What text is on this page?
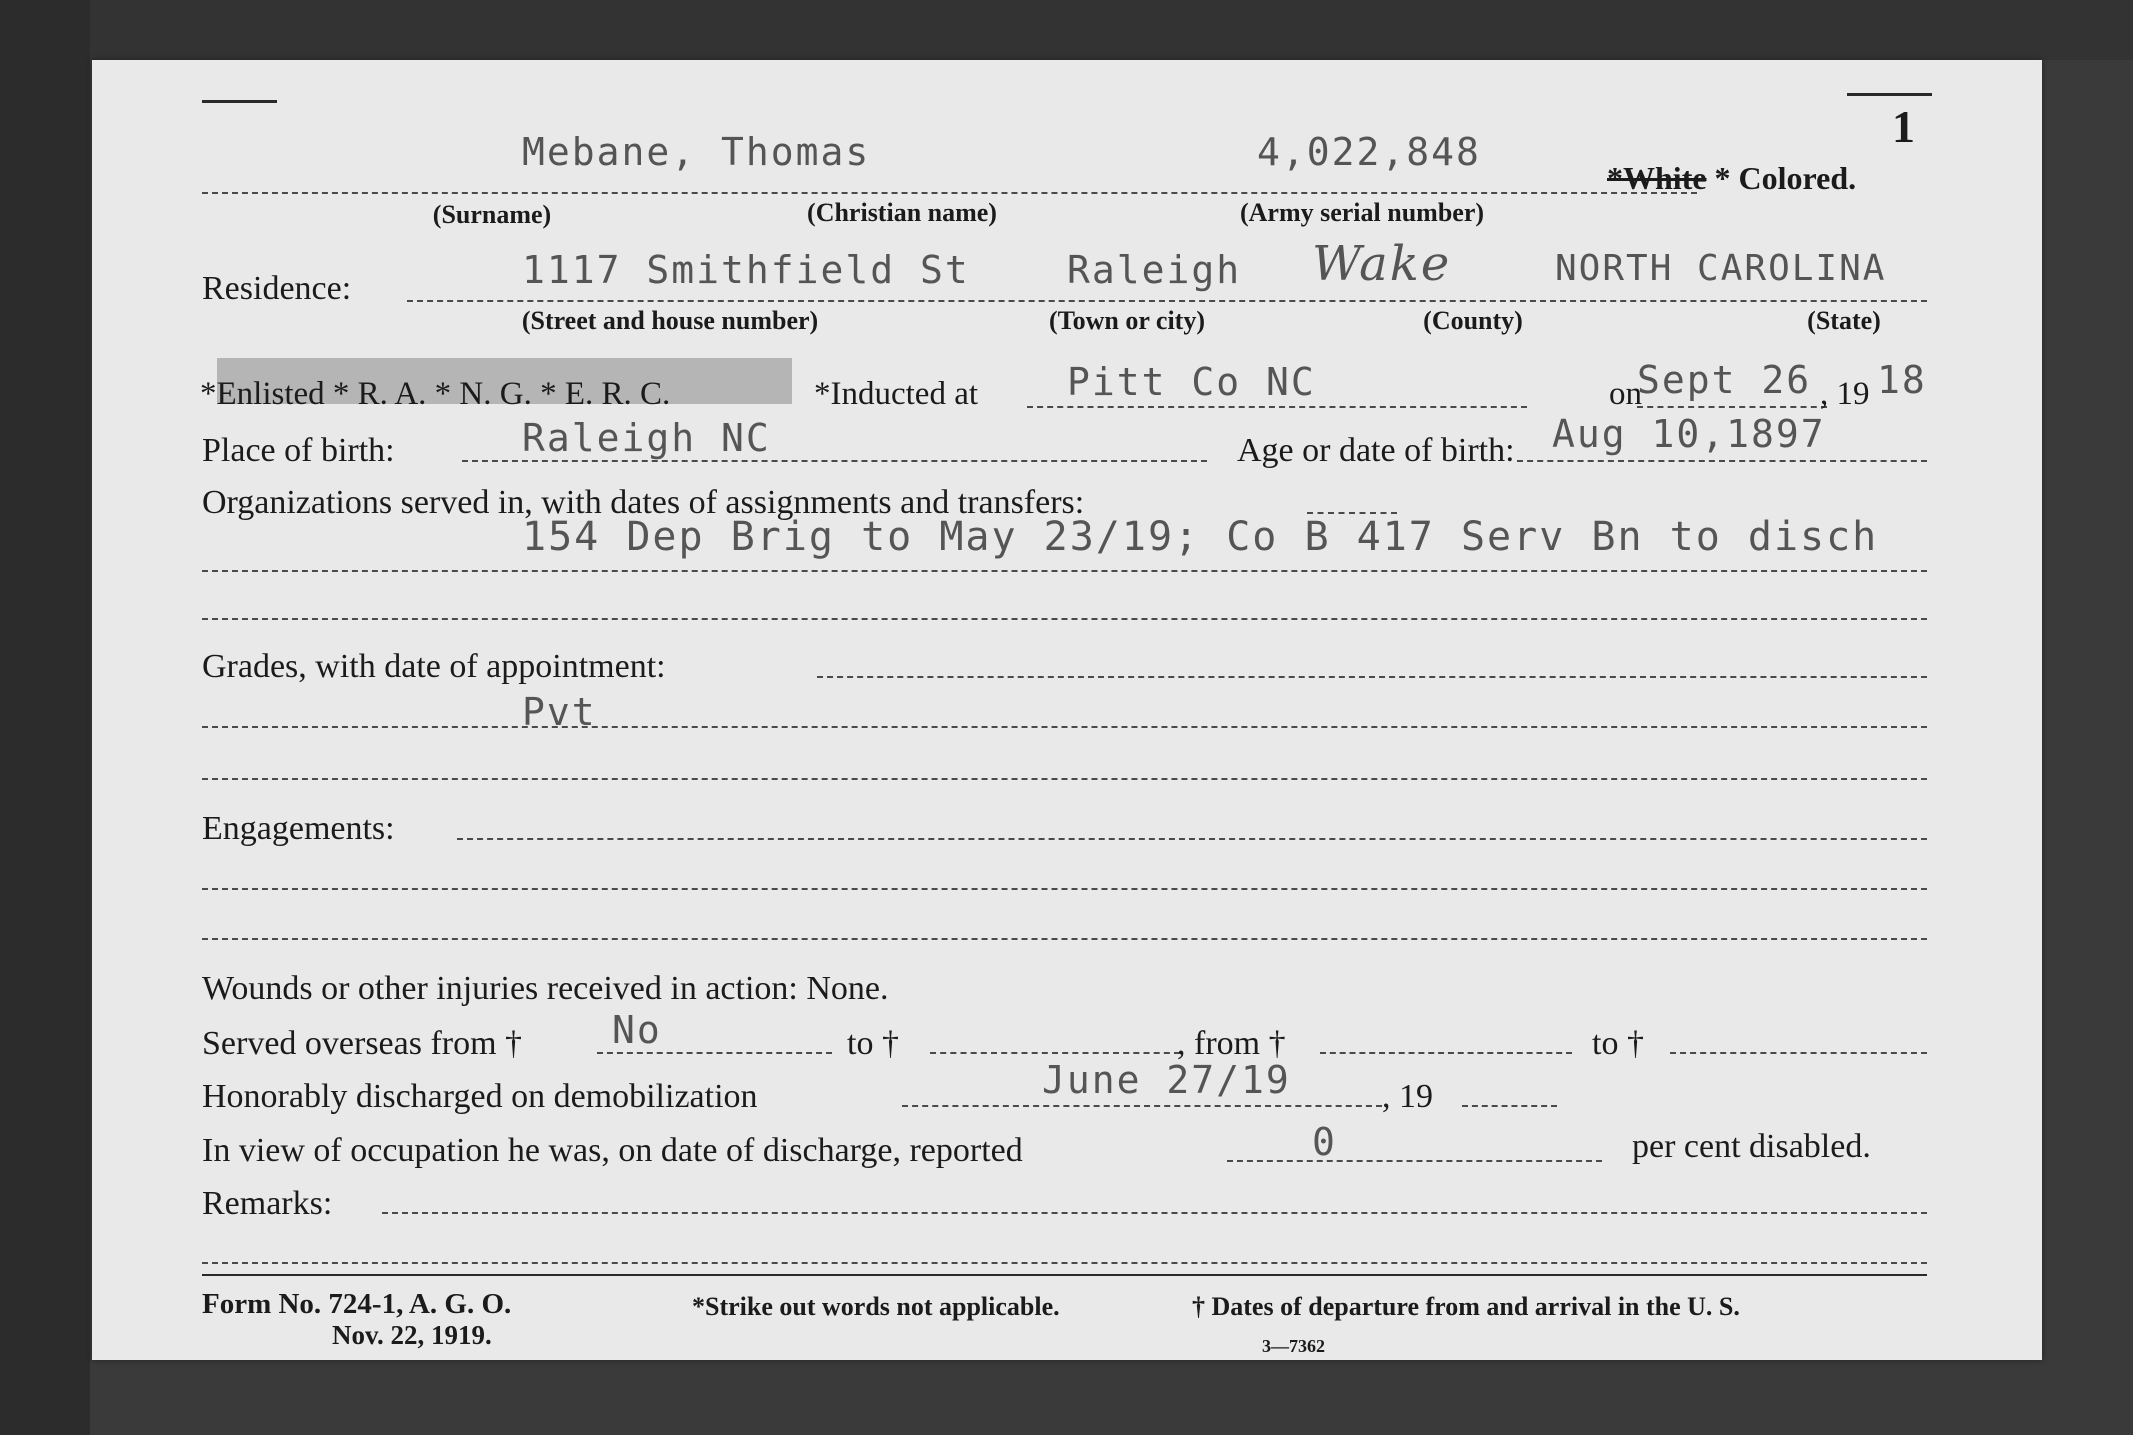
1
Mebane, Thomas	4,022,848
*White * Colored.
(Surname)	(Christian name)	(Army serial number)
Residence:	1117 Smithfield St	Raleigh Wake	NORTH CAROLINA
(Street and house number)	(Town or city)	(County)	(State)
*Enlisted * R. A. * N. G. * E. R. C.	*Inducted at Pitt Co NC	on
Sept 26 , 19 18
Place of birth:	Raleigh NC	Age or date of birth: Aug 10,1897
Organizations served in, with dates of assignments and transfers:
154 Dep Brig to May 23/19; Co B 417 Serv Bn to disch
Grades, with date of appointment:
Pvt
Engagements:
Wounds or other injuries received in action: None.
Served overseas from † No	to †	, from †	to †
Honorably discharged on demobilization	June 27/19	, 19
In view of occupation he was, on date of discharge, reported	0	per cent disabled.
Remarks:
Form No. 724-1, A. G. O.
Nov. 22, 1919.
*Strike out words not applicable.	† Dates of departure from and arrival in the U. S.
3—7362
